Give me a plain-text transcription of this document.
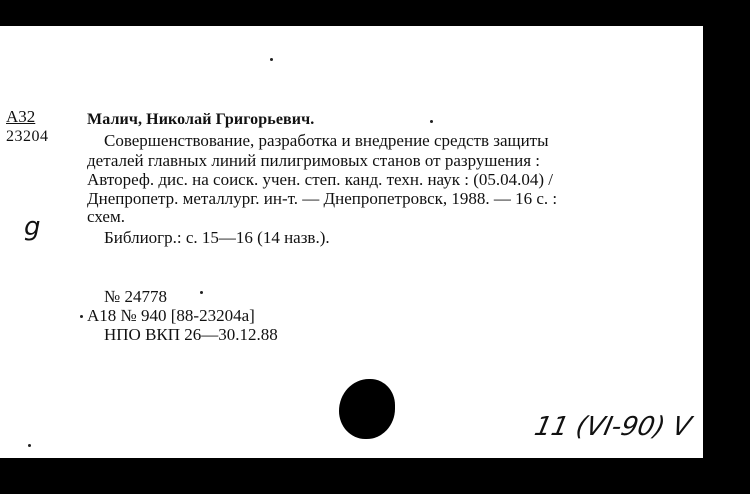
A32
23204
g
Малич, Николай Григорьевич.
Совершенствование, разработка и внедрение средств защиты
деталей главных линий пилигримовых станов от разрушения :
Автореф. дис. на соиск. учен. степ. канд. техн. наук : (05.04.04) /
Днепропетр. металлург. ин-т. — Днепропетровск, 1988. — 16 с. :
схем.
Библиогр.: с. 15—16 (14 назв.).
№ 24778
A18 № 940 [88-23204а]
НПО ВКП 26—30.12.88
11 (VI-90) V
